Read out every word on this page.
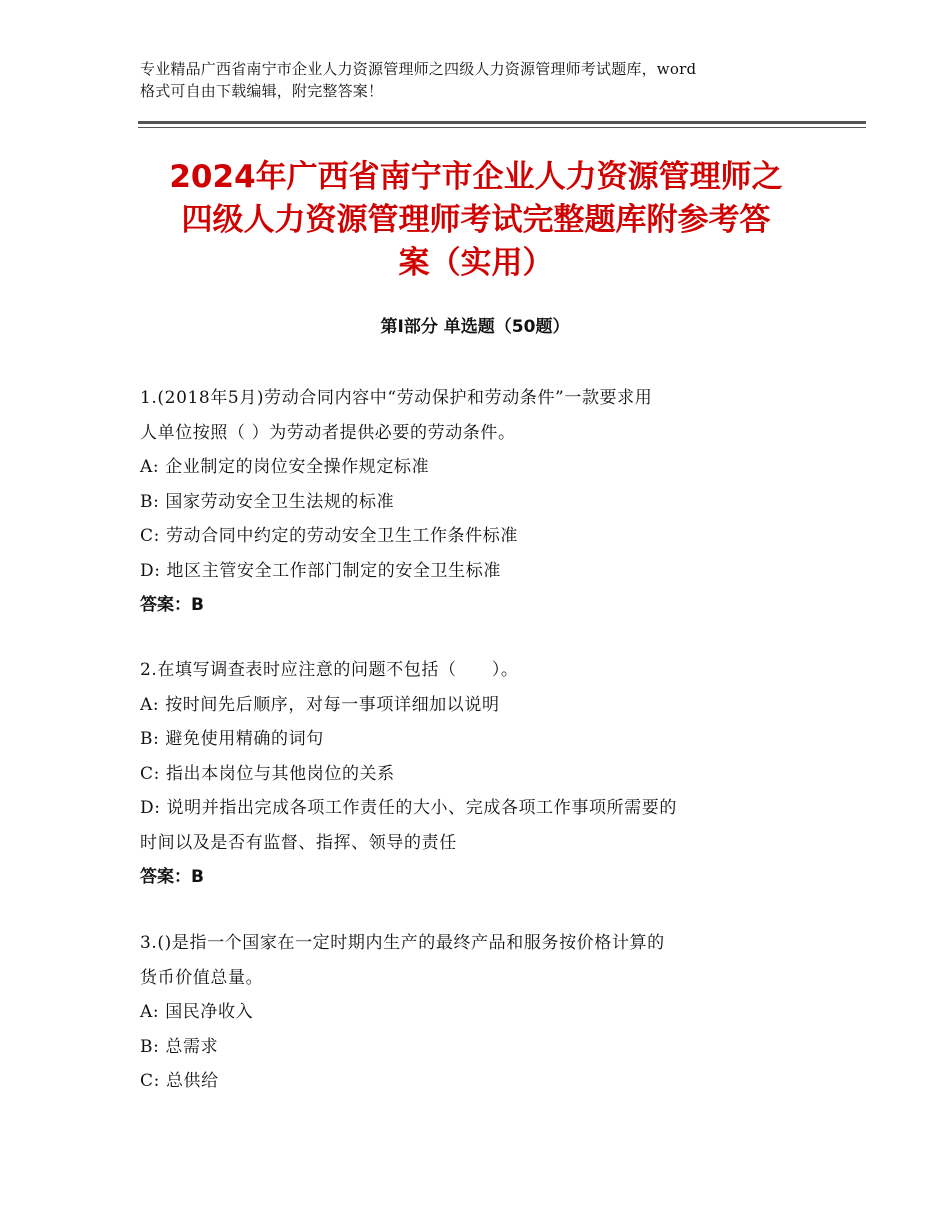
专业精品广西省南宁市企业人力资源管理师之四级人力资源管理师考试题库，word
格式可自由下载编辑，附完整答案！
2024年广西省南宁市企业人力资源管理师之
四级人力资源管理师考试完整题库附参考答
案（实用）
第Ⅰ部分 单选题（50题）
1.(2018年5月)劳动合同内容中“劳动保护和劳动条件”一款要求用
人单位按照（ ）为劳动者提供必要的劳动条件。
A: 企业制定的岗位安全操作规定标准
B: 国家劳动安全卫生法规的标准
C: 劳动合同中约定的劳动安全卫生工作条件标准
D: 地区主管安全工作部门制定的安全卫生标准
答案：B
2.在填写调查表时应注意的问题不包括（　　）。
A: 按时间先后顺序，对每一事项详细加以说明
B: 避免使用精确的词句
C: 指出本岗位与其他岗位的关系
D: 说明并指出完成各项工作责任的大小、完成各项工作事项所需要的
时间以及是否有监督、指挥、领导的责任
答案：B
3.()是指一个国家在一定时期内生产的最终产品和服务按价格计算的
货币价值总量。
A: 国民净收入
B: 总需求
C: 总供给
